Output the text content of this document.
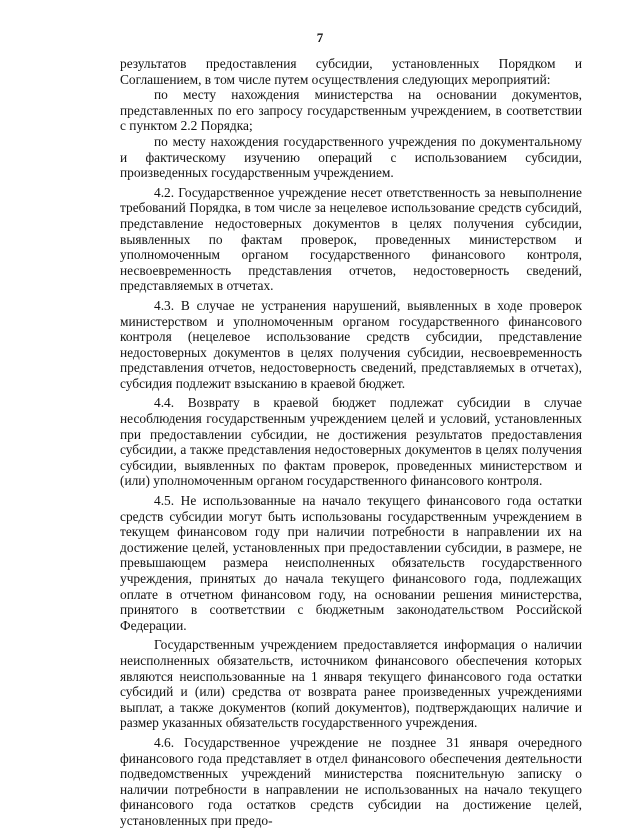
7

результатов предоставления субсидии, установленных Порядком и Соглашением, в том числе путем осуществления следующих мероприятий:

по месту нахождения министерства на основании документов, представленных по его запросу государственным учреждением, в соответствии с пунктом 2.2 Порядка;

по месту нахождения государственного учреждения по документальному и фактическому изучению операций с использованием субсидии, произведенных государственным учреждением.

4.2. Государственное учреждение несет ответственность за невыполнение требований Порядка, в том числе за нецелевое использование средств субсидий, представление недостоверных документов в целях получения субсидии, выявленных по фактам проверок, проведенных министерством и уполномоченным органом государственного финансового контроля, несвоевременность представления отчетов, недостоверность сведений, представляемых в отчетах.

4.3. В случае не устранения нарушений, выявленных в ходе проверок министерством и уполномоченным органом государственного финансового контроля (нецелевое использование средств субсидии, представление недостоверных документов в целях получения субсидии, несвоевременность представления отчетов, недостоверность сведений, представляемых в отчетах), субсидия подлежит взысканию в краевой бюджет.

4.4. Возврату в краевой бюджет подлежат субсидии в случае несоблюдения государственным учреждением целей и условий, установленных при предоставлении субсидии, не достижения результатов предоставления субсидии, а также представления недостоверных документов в целях получения субсидии, выявленных по фактам проверок, проведенных министерством и (или) уполномоченным органом государственного финансового контроля.

4.5. Не использованные на начало текущего финансового года остатки средств субсидии могут быть использованы государственным учреждением в текущем финансовом году при наличии потребности в направлении их на достижение целей, установленных при предоставлении субсидии, в размере, не превышающем размера неисполненных обязательств государственного учреждения, принятых до начала текущего финансового года, подлежащих оплате в отчетном финансовом году, на основании решения министерства, принятого в соответствии с бюджетным законодательством Российской Федерации.

Государственным учреждением предоставляется информация о наличии неисполненных обязательств, источником финансового обеспечения которых являются неиспользованные на 1 января текущего финансового года остатки субсидий и (или) средства от возврата ранее произведенных учреждениями выплат, а также документов (копий документов), подтверждающих наличие и размер указанных обязательств государственного учреждения.

4.6. Государственное учреждение не позднее 31 января очередного финансового года представляет в отдел финансового обеспечения деятельности подведомственных учреждений министерства пояснительную записку о наличии потребности в направлении не использованных на начало текущего финансового года остатков средств субсидии на достижение целей, установленных при предо-
